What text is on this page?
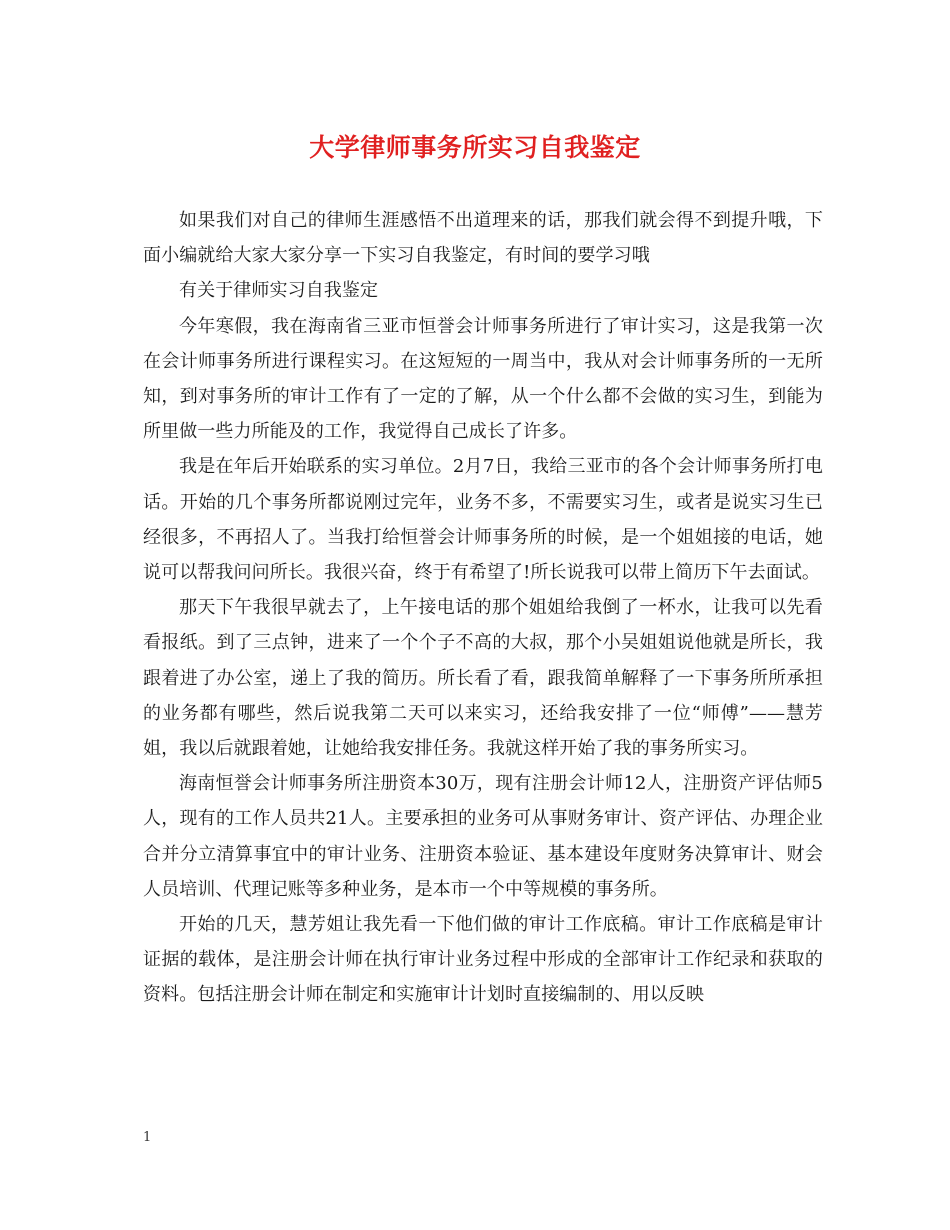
大学律师事务所实习自我鉴定

如果我们对自己的律师生涯感悟不出道理来的话，那我们就会得不到提升哦，下面小编就给大家大家分享一下实习自我鉴定，有时间的要学习哦

有关于律师实习自我鉴定

今年寒假，我在海南省三亚市恒誉会计师事务所进行了审计实习，这是我第一次在会计师事务所进行课程实习。在这短短的一周当中，我从对会计师事务所的一无所知，到对事务所的审计工作有了一定的了解，从一个什么都不会做的实习生，到能为所里做一些力所能及的工作，我觉得自己成长了许多。

我是在年后开始联系的实习单位。2月7日，我给三亚市的各个会计师事务所打电话。开始的几个事务所都说刚过完年，业务不多，不需要实习生，或者是说实习生已经很多，不再招人了。当我打给恒誉会计师事务所的时候，是一个姐姐接的电话，她说可以帮我问问所长。我很兴奋，终于有希望了!所长说我可以带上简历下午去面试。

那天下午我很早就去了，上午接电话的那个姐姐给我倒了一杯水，让我可以先看看报纸。到了三点钟，进来了一个个子不高的大叔，那个小吴姐姐说他就是所长，我跟着进了办公室，递上了我的简历。所长看了看，跟我简单解释了一下事务所所承担的业务都有哪些，然后说我第二天可以来实习，还给我安排了一位“师傅”——慧芳姐，我以后就跟着她，让她给我安排任务。我就这样开始了我的事务所实习。

海南恒誉会计师事务所注册资本30万，现有注册会计师12人，注册资产评估师5人，现有的工作人员共21人。主要承担的业务可从事财务审计、资产评估、办理企业合并分立清算事宜中的审计业务、注册资本验证、基本建设年度财务决算审计、财会人员培训、代理记账等多种业务，是本市一个中等规模的事务所。

开始的几天，慧芳姐让我先看一下他们做的审计工作底稿。审计工作底稿是审计证据的载体，是注册会计师在执行审计业务过程中形成的全部审计工作纪录和获取的资料。包括注册会计师在制定和实施审计计划时直接编制的、用以反映

1
